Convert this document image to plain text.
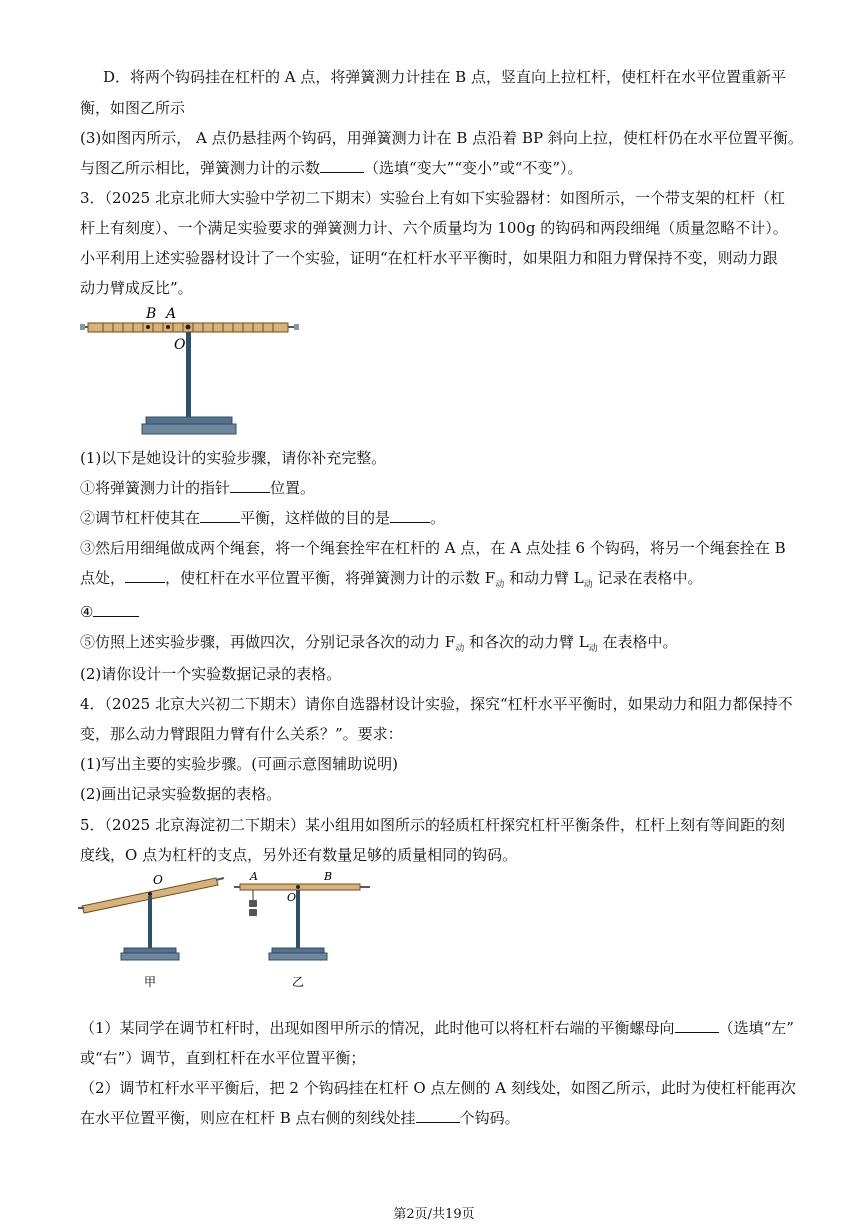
D．将两个钩码挂在杠杆的 A 点，将弹簧测力计挂在 B 点，竖直向上拉杠杆，使杠杆在水平位置重新平
衡，如图乙所示
(3)如图丙所示， A 点仍悬挂两个钩码，用弹簧测力计在 B 点沿着 BP 斜向上拉，使杠杆仍在水平位置平衡。
与图乙所示相比，弹簧测力计的示数	（选填“变大”“变小”或“不变”）。
3．（2025 北京北师大实验中学初二下期末）实验台上有如下实验器材：如图所示，一个带支架的杠杆（杠
杆上有刻度）、一个满足实验要求的弹簧测力计、六个质量均为 100g 的钩码和两段细绳（质量忽略不计）。
小平利用上述实验器材设计了一个实验，证明“在杠杆水平平衡时，如果阻力和阻力臂保持不变，则动力跟
动力臂成反比”。
B A
O
(1)以下是她设计的实验步骤，请你补充完整。
①将弹簧测力计的指针	位置。
②调节杠杆使其在	平衡，这样做的目的是	。
③然后用细绳做成两个绳套，将一个绳套拴牢在杠杆的 A 点，在 A 点处挂 6 个钩码，将另一个绳套拴在 B
点处，	，使杠杆在水平位置平衡，将弹簧测力计的示数 $F_动$ 和动力臂 $L_动$ 记录在表格中。
④
⑤仿照上述实验步骤，再做四次，分别记录各次的动力 $F_动$ 和各次的动力臂 $L_动$ 在表格中。
(2)请你设计一个实验数据记录的表格。
4．（2025 北京大兴初二下期末）请你自选器材设计实验，探究“杠杆水平平衡时，如果动力和阻力都保持不
变，那么动力臂跟阻力臂有什么关系？”。要求：
(1)写出主要的实验步骤。(可画示意图辅助说明)
(2)画出记录实验数据的表格。
5．（2025 北京海淀初二下期末）某小组用如图所示的轻质杠杆探究杠杆平衡条件，杠杆上刻有等间距的刻
度线，O 点为杠杆的支点，另外还有数量足够的质量相同的钩码。
O	A	B
O
甲	乙
（1）某同学在调节杠杆时，出现如图甲所示的情况，此时他可以将杠杆右端的平衡螺母向	（选填“左”
或“右”）调节，直到杠杆在水平位置平衡；
（2）调节杠杆水平平衡后，把 2 个钩码挂在杠杆 O 点左侧的 A 刻线处，如图乙所示，此时为使杠杆能再次
在水平位置平衡，则应在杠杆 B 点右侧的刻线处挂	个钩码。
第2页/共19页
